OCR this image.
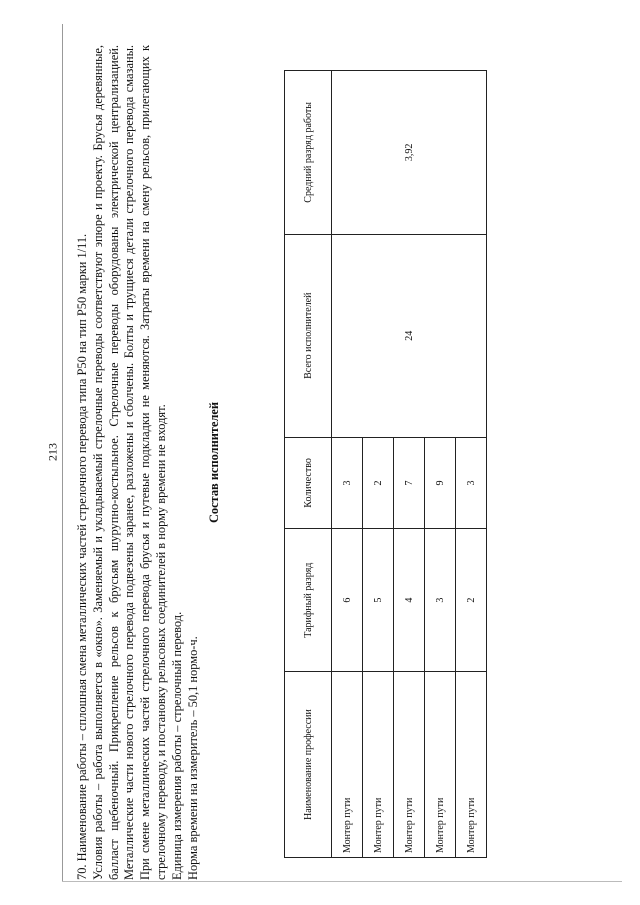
213 70. Наименование работы – сплошная смена металлических частей стрелочного перевода типа Р50 на тип Р50 марки 1/11. Условия работы – работа выполняется в «окно». Заменяемый и укладываемый стрелочные переводы соответствуют эпюре и проекту. Брусья деревянные, балласт щебеночный. Прикрепление рельсов к брусьям шурупно-костыльное. Стрелочные переводы оборудованы электрической централизацией. Металлические части нового стрелочного перевода подвезены заранее, разложены и сболчены. Болты и трущиеся детали стрелочного перевода смазаны. При смене металлических частей стрелочного перевода брусья и путевые подкладки не меняются. Затраты времени на смену рельсов, прилегающих к стрелочному переводу, и постановку рельсовых соединителей в норму времени не входят. Единица измерения работы – стрелочный перевод. Норма времени на измеритель – 50,1 нормо-ч.

Состав исполнителей
Наименование профессии	Тарифный разряд	Количество	Всего исполнителей	Средний разряд работы
Монтер пути	6	3	24	3,92
Монтер пути	5	2		
Монтер пути	4	7		
Монтер пути	3	9		
Монтер пути	2	3		
